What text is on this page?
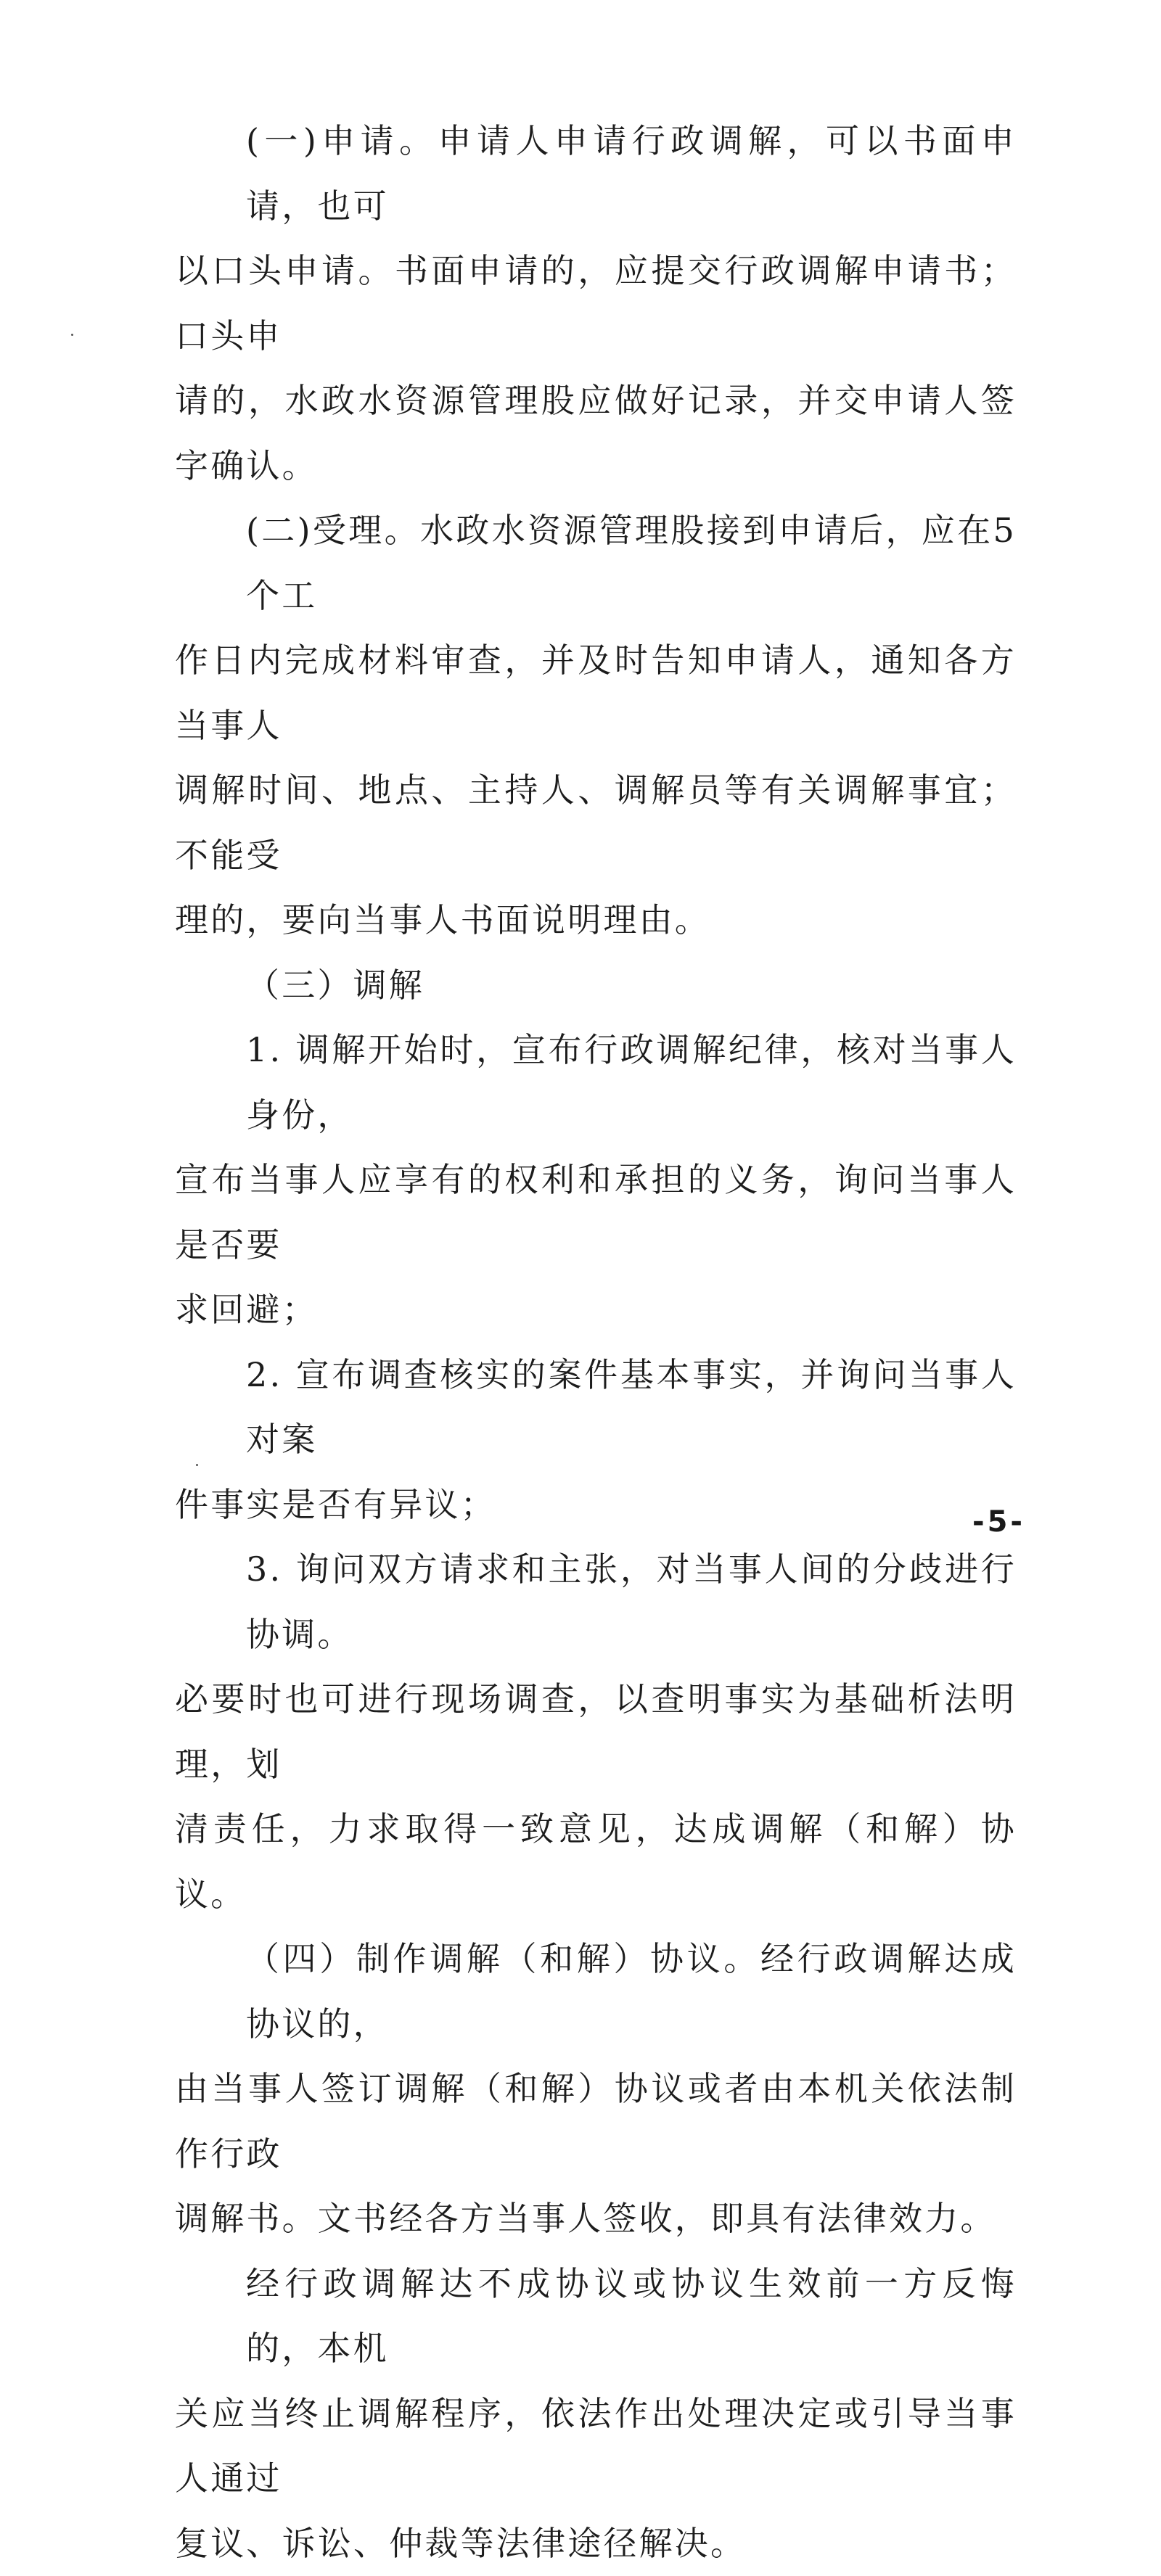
(一)申请。申请人申请行政调解，可以书面申请，也可
以口头申请。书面申请的，应提交行政调解申请书；口头申
请的，水政水资源管理股应做好记录，并交申请人签字确认。
(二)受理。水政水资源管理股接到申请后，应在5个工
作日内完成材料审查，并及时告知申请人，通知各方当事人
调解时间、地点、主持人、调解员等有关调解事宜；不能受
理的，要向当事人书面说明理由。
（三）调解
1. 调解开始时，宣布行政调解纪律，核对当事人身份，
宣布当事人应享有的权利和承担的义务，询问当事人是否要
求回避；
2. 宣布调查核实的案件基本事实，并询问当事人对案
件事实是否有异议；
3. 询问双方请求和主张，对当事人间的分歧进行协调。
必要时也可进行现场调查，以查明事实为基础析法明理，划
清责任，力求取得一致意见，达成调解（和解）协议。
（四）制作调解（和解）协议。经行政调解达成协议的，
由当事人签订调解（和解）协议或者由本机关依法制作行政
调解书。文书经各方当事人签收，即具有法律效力。
经行政调解达不成协议或协议生效前一方反悔的，本机
关应当终止调解程序，依法作出处理决定或引导当事人通过
复议、诉讼、仲裁等法律途径解决。
-5-
